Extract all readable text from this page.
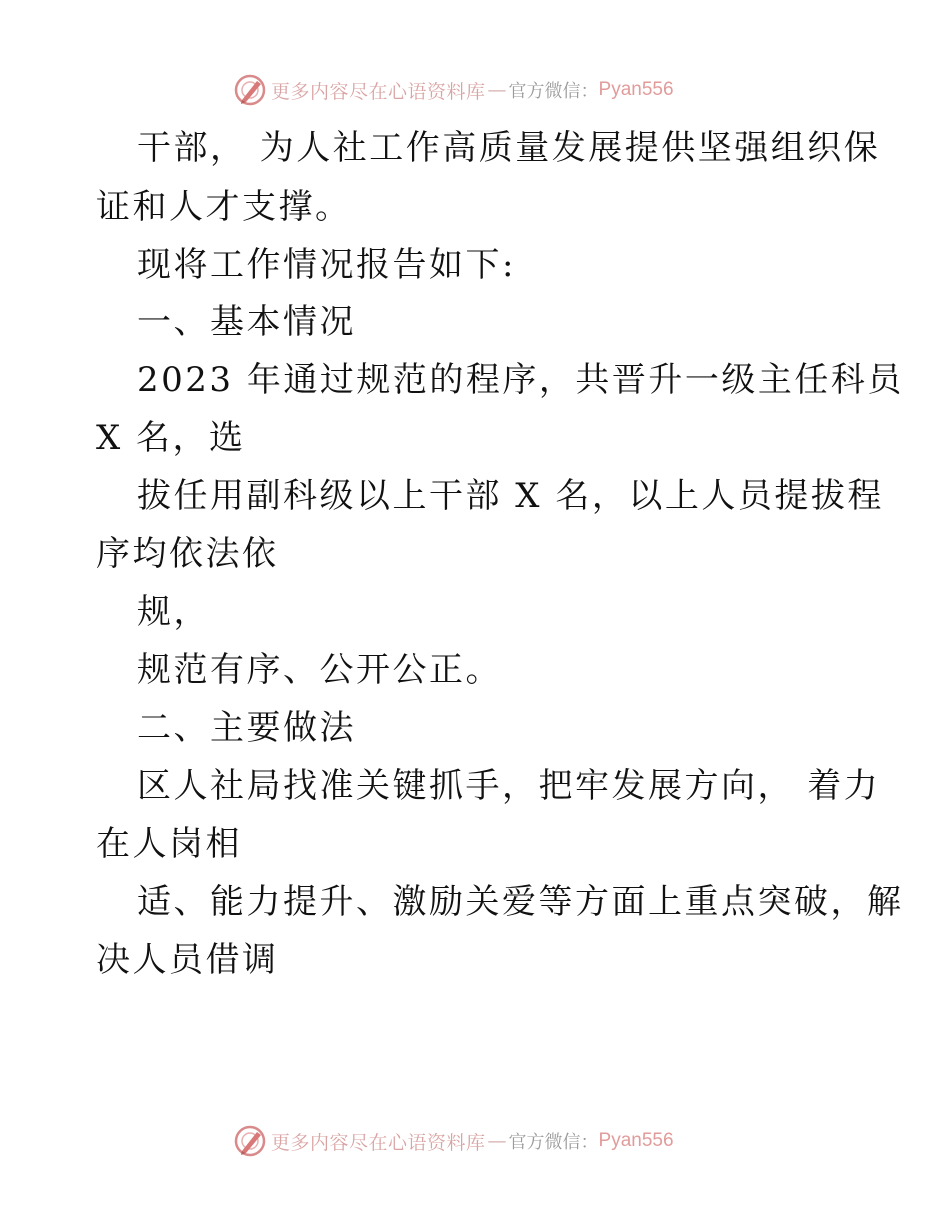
更多内容尽在心语资料库 — 官方微信： Pyan556
干部， 为人社工作高质量发展提供坚强组织保
证和人才支撑。
现将工作情况报告如下:
一、基本情况
2023 年通过规范的程序，共晋升一级主任科员
X 名，选
拔任用副科级以上干部 X 名，以上人员提拔程
序均依法依
规，
规范有序、公开公正。
二、主要做法
区人社局找准关键抓手，把牢发展方向， 着力
在人岗相
适、能力提升、激励关爱等方面上重点突破，解
决人员借调
更多内容尽在心语资料库 — 官方微信： Pyan556
